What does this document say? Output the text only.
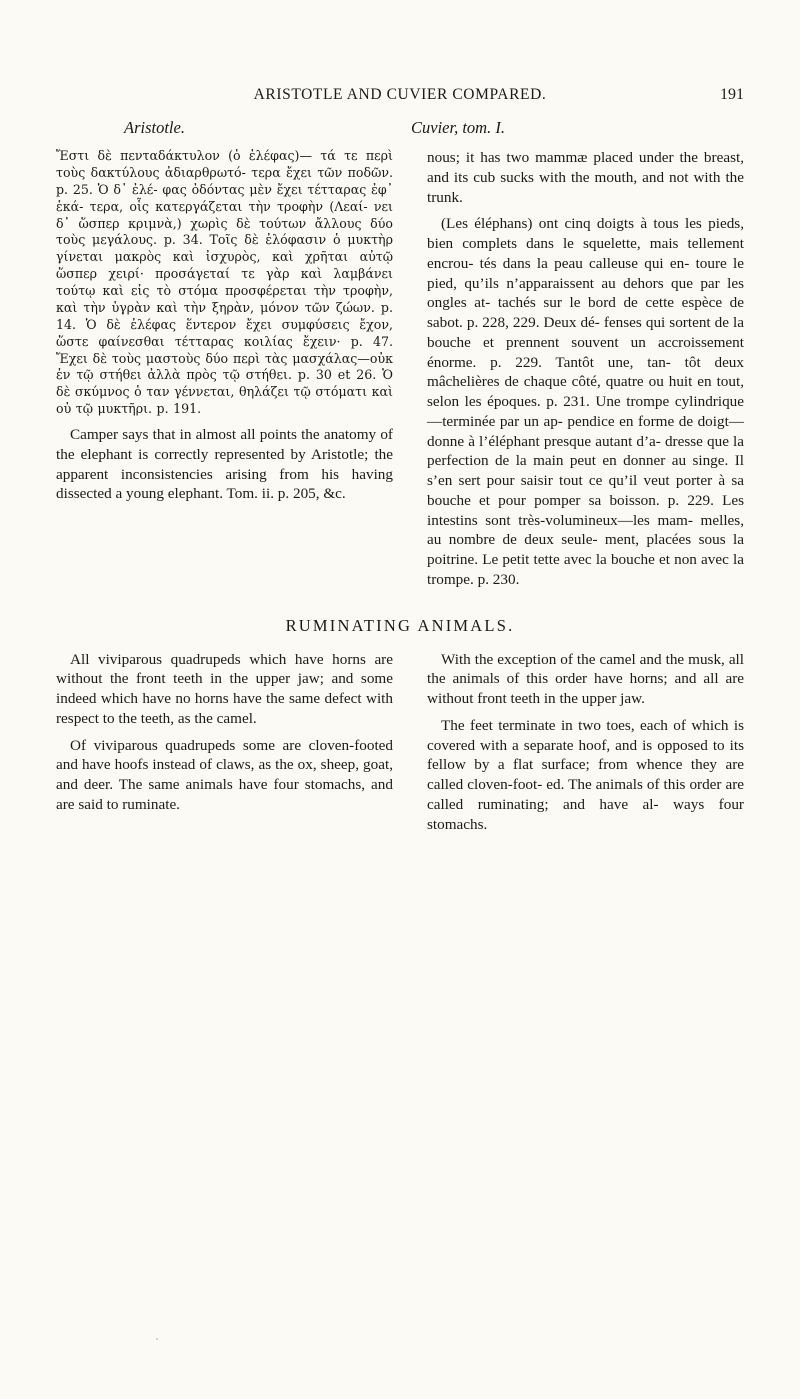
ARISTOTLE AND CUVIER COMPARED.	191
Aristotle.	Cuvier, tom. I.

Ἔστι δὲ πενταδάκτυλον (ὁ ἐλέφας)— τά τε περὶ τοὺς δακτύλους ἀδιαρθρωτό- τερα ἔχει τῶν ποδῶν. p. 25. Ὁ δ᾽ ἐλέ- φας ὀδόντας μὲν ἔχει τέτταρας ἐφ᾽ ἑκά- τερα, οἷς κατεργάζεται τὴν τροφὴν (Λεαί- νει δ᾽ ὥσπερ κριμνὰ,) χωρὶς δὲ τούτων ἄλλους δύο τοὺς μεγάλους. p. 34. Τοῖς δὲ ἐλόφασιν ὁ μυκτὴρ γίνεται μακρὸς καὶ ἰσχυρὸς, καὶ χρῆται αὐτῷ ὥσπερ χειρί· προσάγεταί τε γὰρ καὶ λαμβάνει τούτῳ καὶ εἰς τὸ στόμα προσφέρεται τὴν τροφὴν, καὶ τὴν ὑγρὰν καὶ τὴν ξηρὰν, μόνον τῶν ζώων. p. 14. Ὁ δὲ ἐλέφας ἕντερον ἔχει συμφύσεις ἔχον, ὥστε φαίνεσθαι τέτταρας κοιλίας ἔχειν· p. 47. Ἔχει δὲ τοὺς μαστοὺς δύο περὶ τὰς μασχάλας—οὐκ ἐν τῷ στήθει ἀλλὰ πρὸς τῷ στήθει. p. 30 et 26. Ὁ δὲ σκύμνος ὁ ταν γέννεται, θηλάζει τῷ στόματι καὶ οὐ τῷ μυκτῆρι. p. 191.

Camper says that in almost all points the anatomy of the elephant is correctly represented by Aristotle; the apparent inconsistencies arising from his having dissected a young elephant. Tom. ii. p. 205, &c.

nous; it has two mammæ placed under the breast, and its cub sucks with the mouth, and not with the trunk.

(Les éléphans) ont cinq doigts à tous les pieds, bien complets dans le squelette, mais tellement encrou- tés dans la peau calleuse qui en- toure le pied, qu’ils n’apparaissent au dehors que par les ongles at- tachés sur le bord de cette espèce de sabot. p. 228, 229. Deux dé- fenses qui sortent de la bouche et prennent souvent un accroissement énorme. p. 229. Tantôt une, tan- tôt deux mâchelières de chaque côté, quatre ou huit en tout, selon les époques. p. 231. Une trompe cylindrique—terminée par un ap- pendice en forme de doigt—donne à l’éléphant presque autant d’a- dresse que la perfection de la main peut en donner au singe. Il s’en sert pour saisir tout ce qu’il veut porter à sa bouche et pour pomper sa boisson. p. 229. Les intestins sont très-volumineux—les mam- melles, au nombre de deux seule- ment, placées sous la poitrine. Le petit tette avec la bouche et non avec la trompe. p. 230.

RUMINATING ANIMALS.

All viviparous quadrupeds which have horns are without the front teeth in the upper jaw; and some indeed which have no horns have the same defect with respect to the teeth, as the camel.

Of viviparous quadrupeds some are cloven-footed and have hoofs instead of claws, as the ox, sheep, goat, and deer. The same animals have four stomachs, and are said to ruminate.

With the exception of the camel and the musk, all the animals of this order have horns; and all are without front teeth in the upper jaw.

The feet terminate in two toes, each of which is covered with a separate hoof, and is opposed to its fellow by a flat surface; from whence they are called cloven-foot- ed. The animals of this order are called ruminating; and have al- ways four stomachs.
